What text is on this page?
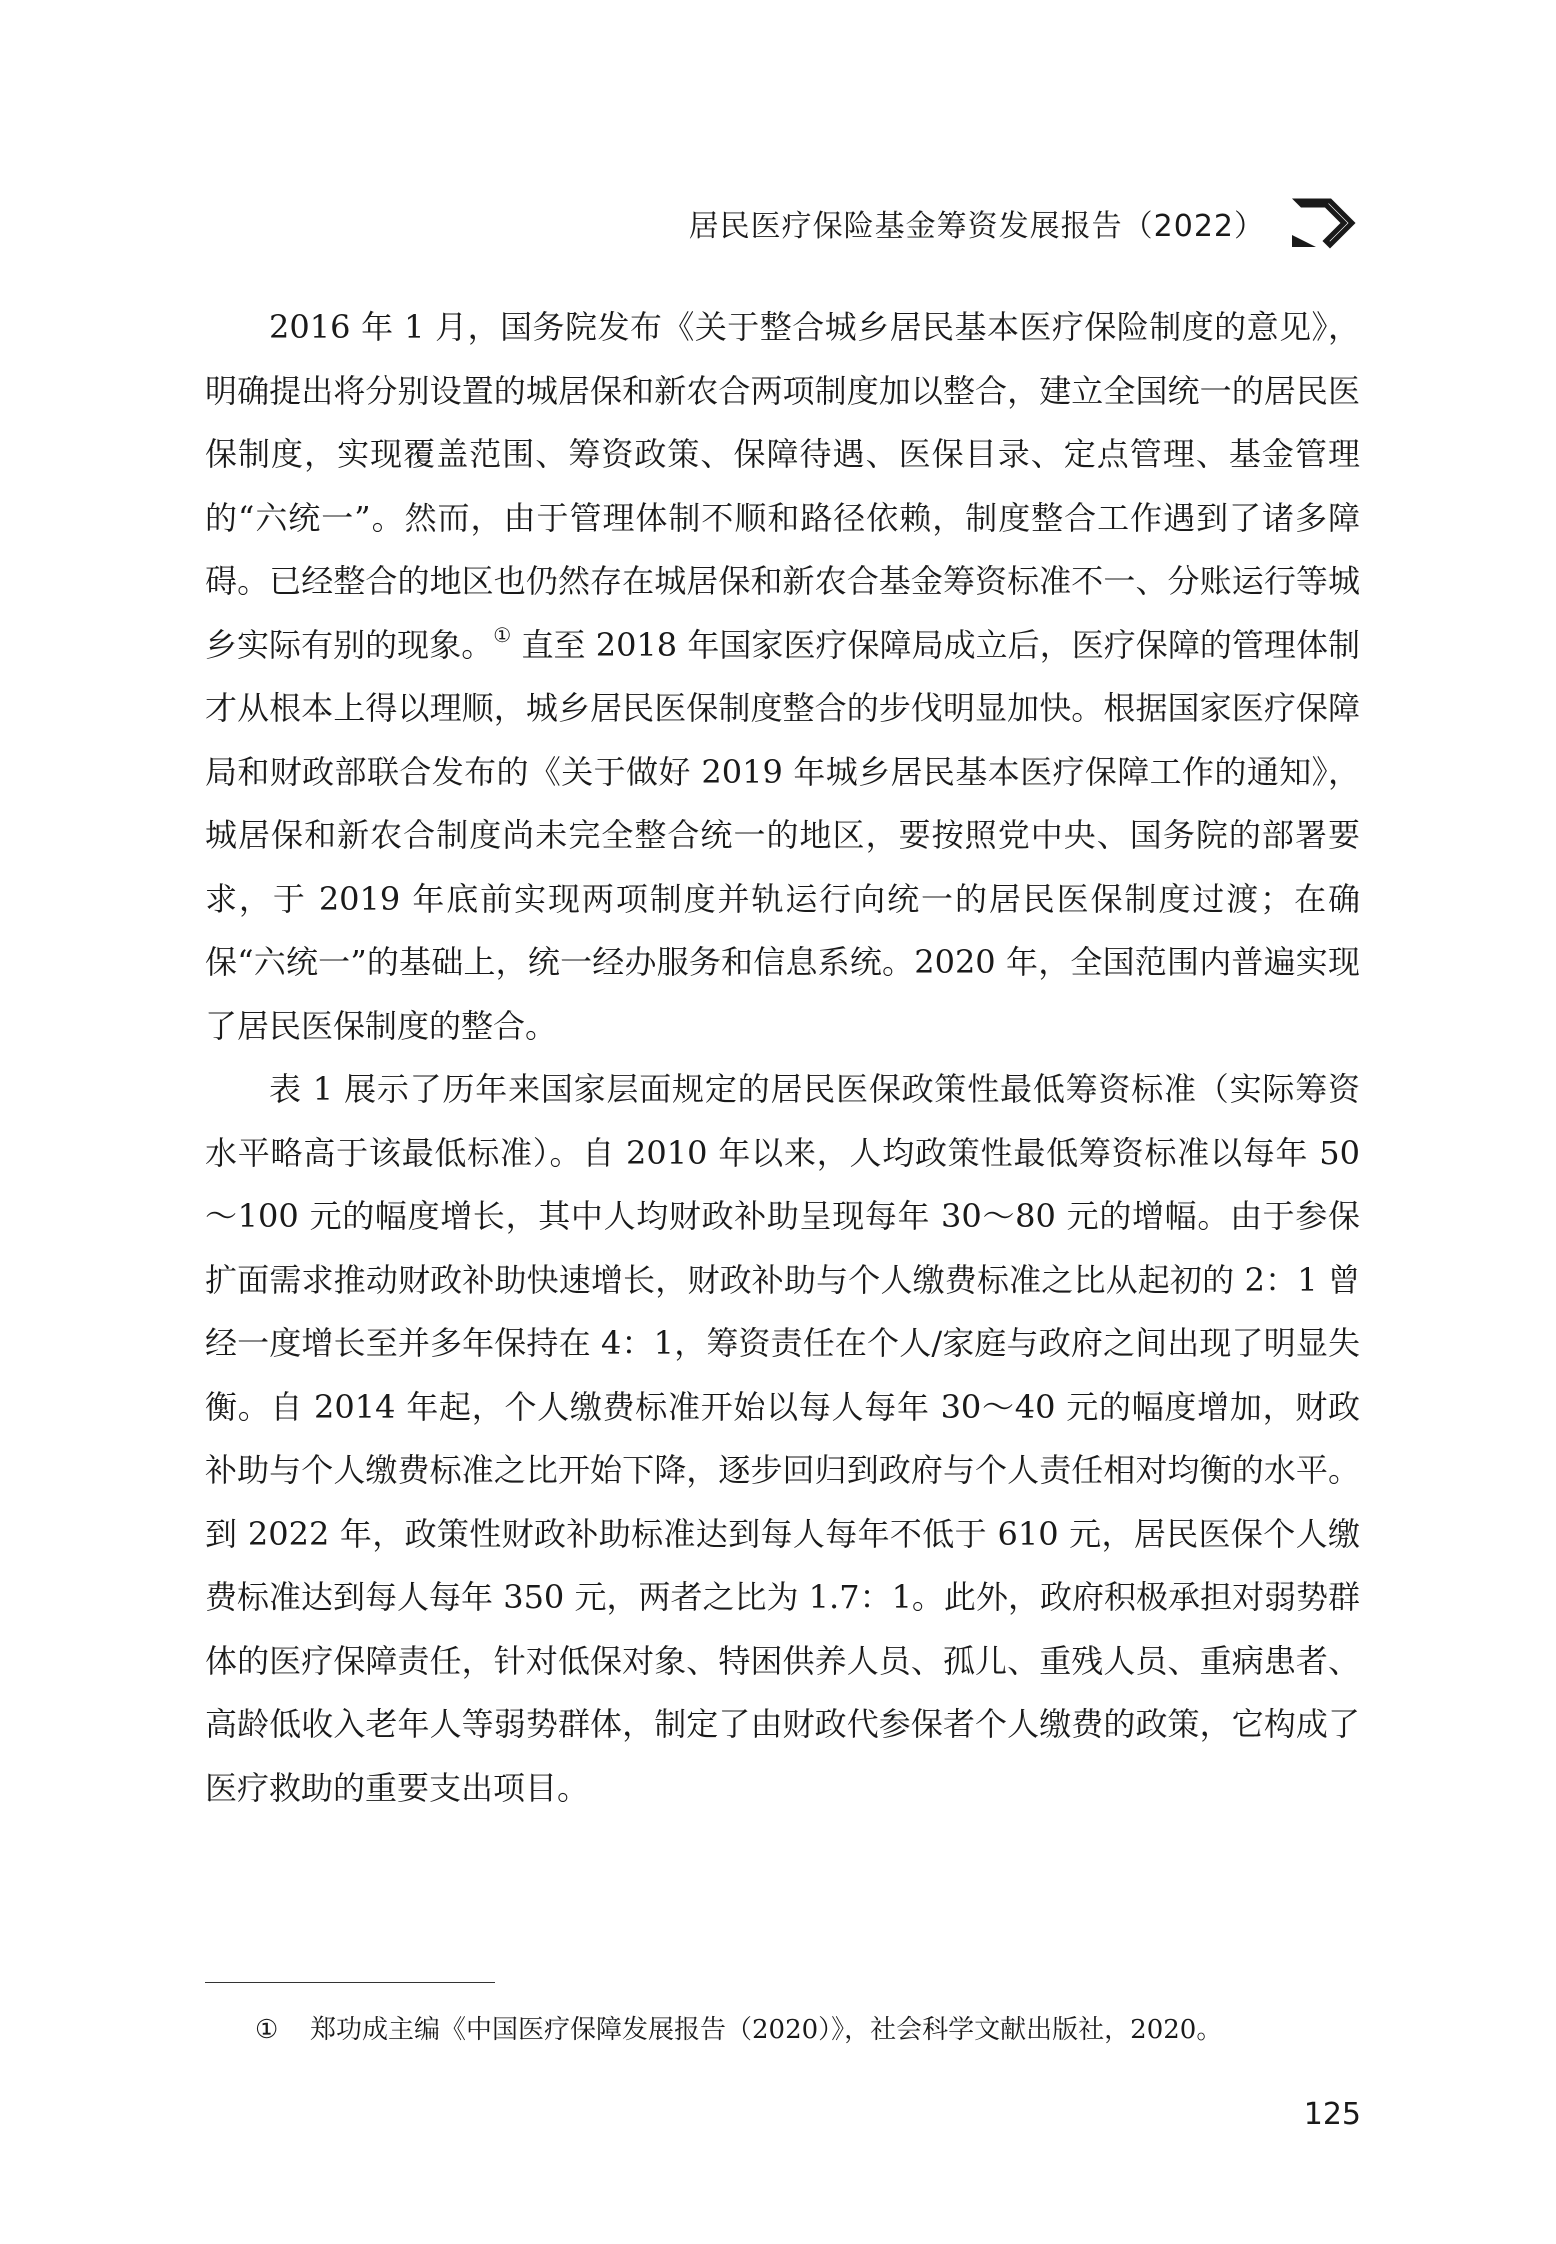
居民医疗保险基金筹资发展报告（2022）

2016 年 1 月，国务院发布《关于整合城乡居民基本医疗保险制度的意见》，明确提出将分别设置的城居保和新农合两项制度加以整合，建立全国统一的居民医保制度，实现覆盖范围、筹资政策、保障待遇、医保目录、定点管理、基金管理的“六统一”。然而，由于管理体制不顺和路径依赖，制度整合工作遇到了诸多障碍。已经整合的地区也仍然存在城居保和新农合基金筹资标准不一、分账运行等城乡实际有别的现象。① 直至 2018 年国家医疗保障局成立后，医疗保障的管理体制才从根本上得以理顺，城乡居民医保制度整合的步伐明显加快。根据国家医疗保障局和财政部联合发布的《关于做好 2019 年城乡居民基本医疗保障工作的通知》，城居保和新农合制度尚未完全整合统一的地区，要按照党中央、国务院的部署要求，于 2019 年底前实现两项制度并轨运行向统一的居民医保制度过渡；在确保“六统一”的基础上，统一经办服务和信息系统。2020 年，全国范围内普遍实现了居民医保制度的整合。

表 1 展示了历年来国家层面规定的居民医保政策性最低筹资标准（实际筹资水平略高于该最低标准）。自 2010 年以来，人均政策性最低筹资标准以每年 50～100 元的幅度增长，其中人均财政补助呈现每年 30～80 元的增幅。由于参保扩面需求推动财政补助快速增长，财政补助与个人缴费标准之比从起初的 2：1 曾经一度增长至并多年保持在 4：1，筹资责任在个人/家庭与政府之间出现了明显失衡。自 2014 年起，个人缴费标准开始以每人每年 30～40 元的幅度增加，财政补助与个人缴费标准之比开始下降，逐步回归到政府与个人责任相对均衡的水平。到 2022 年，政策性财政补助标准达到每人每年不低于 610 元，居民医保个人缴费标准达到每人每年 350 元，两者之比为 1.7：1。此外，政府积极承担对弱势群体的医疗保障责任，针对低保对象、特困供养人员、孤儿、重残人员、重病患者、高龄低收入老年人等弱势群体，制定了由财政代参保者个人缴费的政策，它构成了医疗救助的重要支出项目。

① 郑功成主编《中国医疗保障发展报告（2020）》，社会科学文献出版社，2020。
125
